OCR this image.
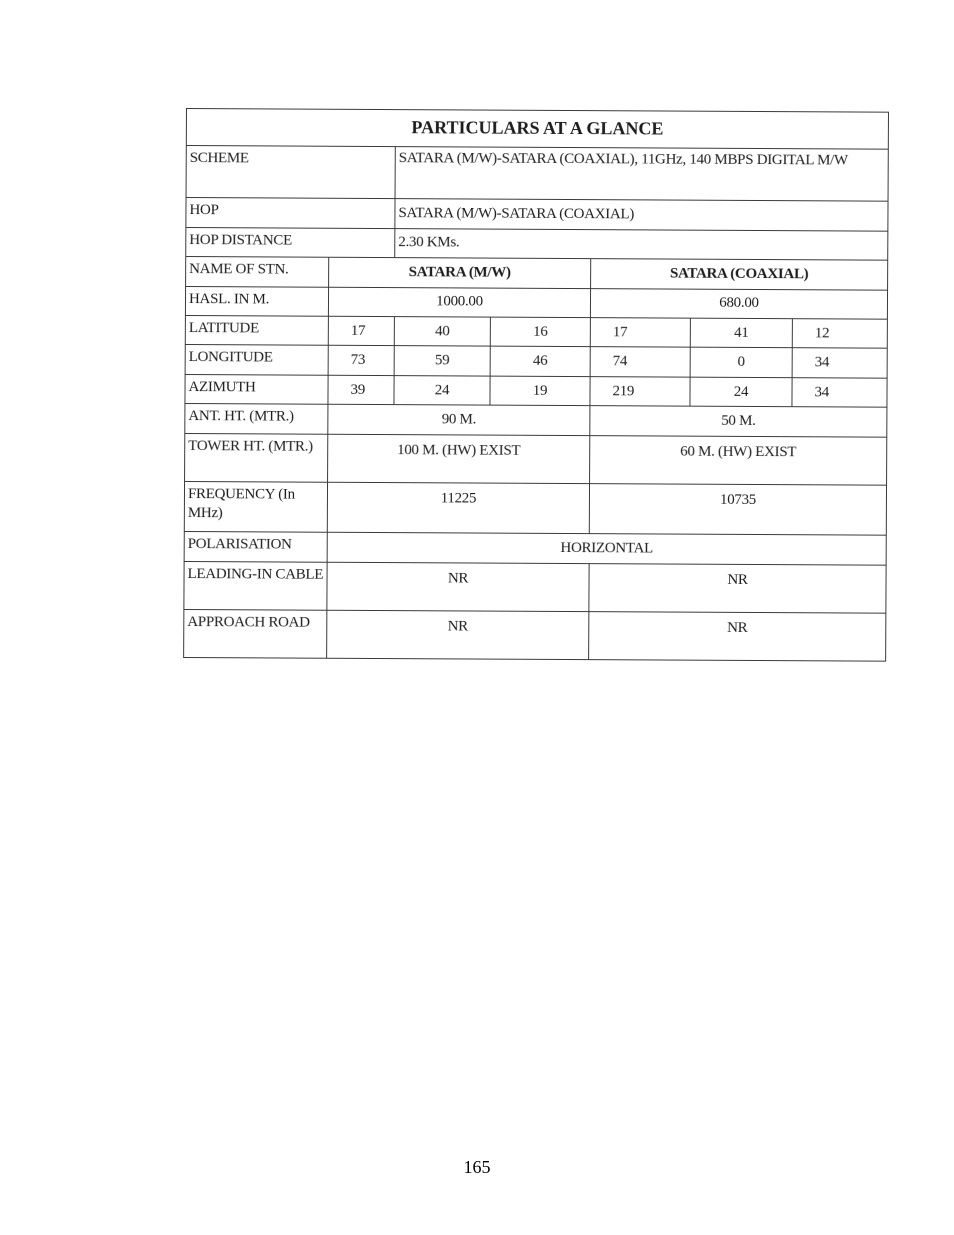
PARTICULARS AT A GLANCE						
SCHEME		SATARA (M/W)-SATARA (COAXIAL), 11GHz, 140 MBPS DIGITAL M/W				
HOP		SATARA (M/W)-SATARA (COAXIAL)				
HOP DISTANCE		2.30 KMs.				
NAME OF STN.	SATARA (M/W)			SATARA (COAXIAL)		
HASL. IN M.	1000.00			680.00		
LATITUDE	17	40	16	17	41	12
LONGITUDE	73	59	46	74	0	34
AZIMUTH	39	24	19	219	24	34
ANT. HT. (MTR.)	90 M.			50 M.		
TOWER HT. (MTR.)	100 M. (HW) EXIST			60 M. (HW) EXIST		
FREQUENCY (In MHz)	11225			10735		
POLARISATION	HORIZONTAL					
LEADING-IN CABLE	NR			NR		
APPROACH ROAD	NR			NR		
165
